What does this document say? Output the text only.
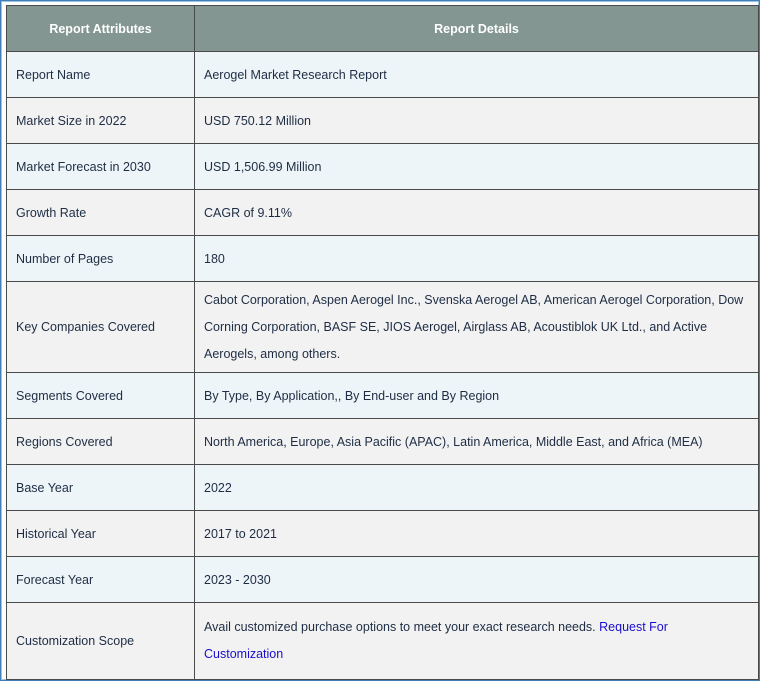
Report Attributes	Report Details
Report Name	Aerogel Market Research Report
Market Size in 2022	USD 750.12 Million
Market Forecast in 2030	USD 1,506.99 Million
Growth Rate	CAGR of 9.11%
Number of Pages	180
Key Companies Covered	Cabot Corporation, Aspen Aerogel Inc., Svenska Aerogel AB, American Aerogel Corporation, Dow Corning Corporation, BASF SE, JIOS Aerogel, Airglass AB, Acoustiblok UK Ltd., and Active Aerogels, among others.
Segments Covered	By Type, By Application,, By End-user and By Region
Regions Covered	North America, Europe, Asia Pacific (APAC), Latin America, Middle East, and Africa (MEA)
Base Year	2022
Historical Year	2017 to 2021
Forecast Year	2023 - 2030
Customization Scope	Avail customized purchase options to meet your exact research needs. Request For Customization
